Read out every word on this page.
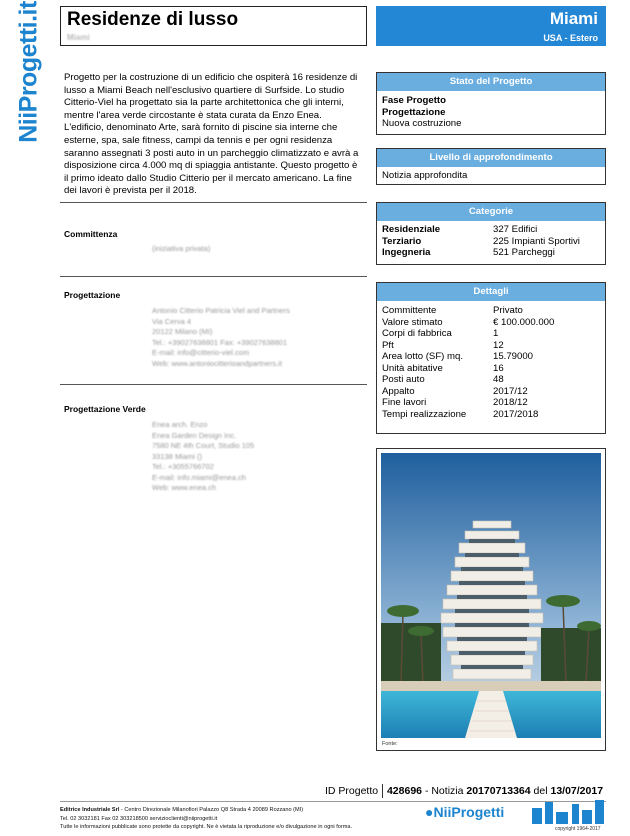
NiiProgetti.it Residenze di lusso
Miami
Miami
USA - Estero
Progetto per la costruzione di un edificio che ospiterà 16 residenze di lusso a Miami Beach nell'esclusivo quartiere di Surfside. Lo studio Citterio-Viel ha progettato sia la parte architettonica che gli interni, mentre l'area verde circostante è stata curata da Enzo Enea. L'edificio, denominato Arte, sarà fornito di piscine sia interne che esterne, spa, sale fitness, campi da tennis e per ogni residenza saranno assegnati 3 posti auto in un parcheggio climatizzato e avrà a disposizione circa 4.000 mq di spiaggia antistante. Questo progetto è il primo ideato dallo Studio Citterio per il mercato americano. La fine dei lavori è prevista per il 2018.
Committenza
(iniziativa privata)
Progettazione
Antonio Citterio Patricia Viel and Partners
Via Cerva 4
20122 Milano (MI)
Tel.: +39027638801 Fax: +39027638801
E-mail: info@citterio-viel.com
Web: www.antoniocitterioandpartners.it
Progettazione Verde
Enea arch. Enzo
Enea Garden Design Inc.
7580 NE 4th Court, Studio 105
33138 Miami ()
Tel.: +3055766702
E-mail: info.miami@enea.ch
Web: www.enea.ch
Stato del Progetto
Fase Progetto
Progettazione
Nuova costruzione
Livello di approfondimento
Notizia approfondita
Categorie
Residenziale	327 Edifici
Terziario	225 Impianti Sportivi
Ingegneria	521 Parcheggi
Dettagli
Committente	Privato
Valore stimato	€ 100.000.000
Corpi di fabbrica	1
Pft	12
Area lotto (SF) mq.	15.79000
Unità abitative	16
Posti auto	48
Appalto	2017/12
Fine lavori	2018/12
Tempi realizzazione	2017/2018
Fonte:
ID Progetto 428696 - Notizia 20170713364 del 13/07/2017
Editrice Industriale Srl - Centro Direzionale Milanofiori Palazzo Q8 Strada 4 20089 Rozzano (MI)
Tel. 02 3032181 Fax 02 303218500 servizioclienti@niiprogetti.it
Tutte le informazioni pubblicate sono protette da copyright. Ne è vietata la riproduzione e/o divulgazione in ogni forma.
●NiiProgetti
copyright 1964-2017
